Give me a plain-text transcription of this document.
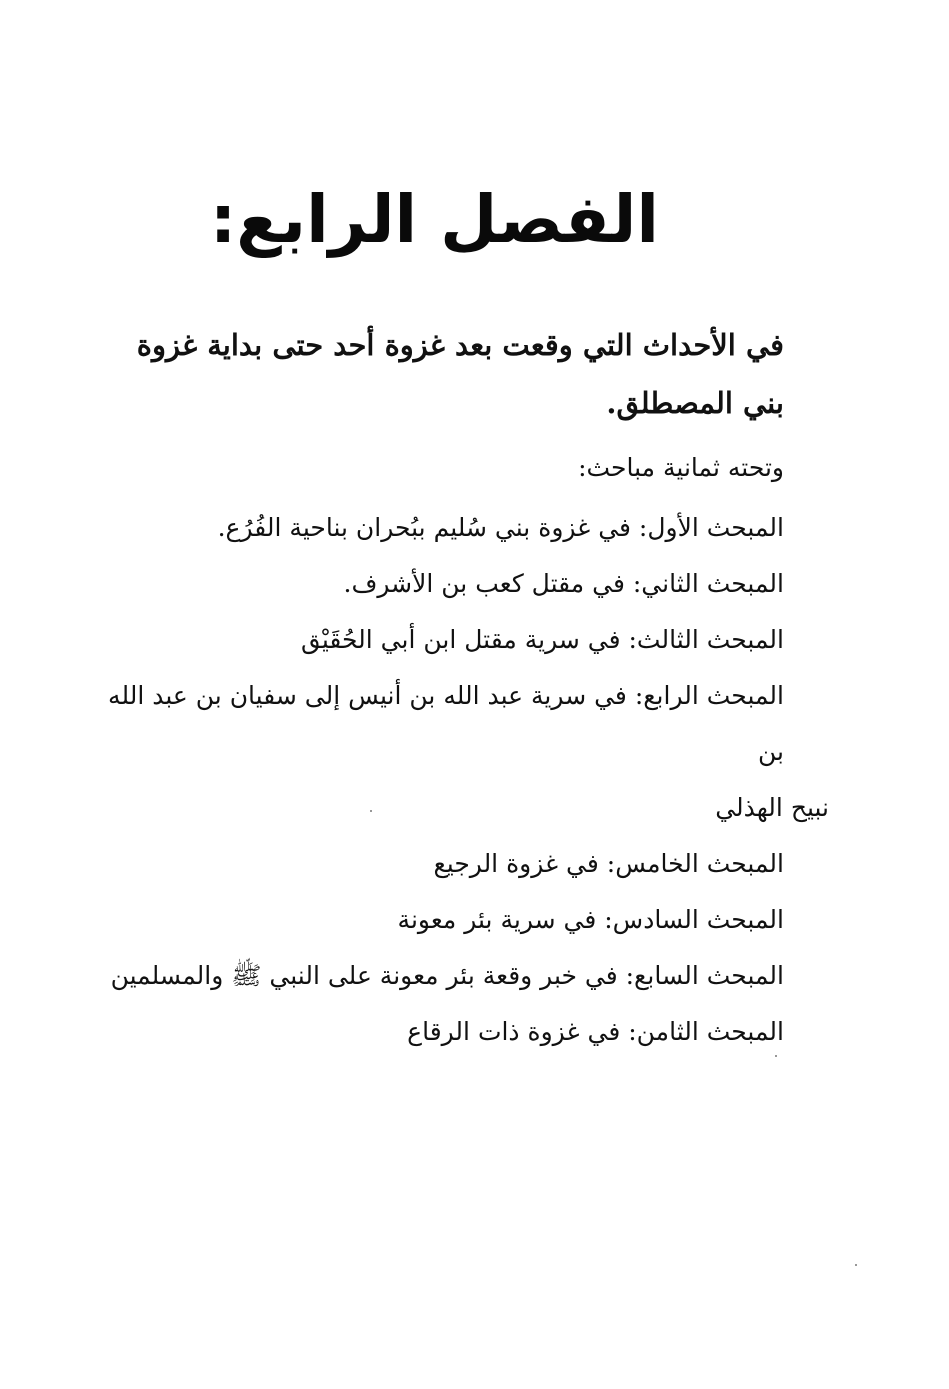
الفصل الرابع:

في الأحداث التي وقعت بعد غزوة أحد حتى بداية غزوة بني المصطلق.

وتحته ثمانية مباحث:

المبحث الأول: في غزوة بني سُليم ببُحران بناحية الفُرُع.
المبحث الثاني: في مقتل كعب بن الأشرف.
المبحث الثالث: في سرية مقتل ابن أبي الحُقَيْق
المبحث الرابع: في سرية عبد الله بن أنيس إلى سفيان بن عبد الله بن
نبيح الهذلي
المبحث الخامس: في غزوة الرجيع
المبحث السادس: في سرية بئر معونة
المبحث السابع: في خبر وقعة بئر معونة على النبي ﷺ والمسلمين
المبحث الثامن: في غزوة ذات الرقاع
